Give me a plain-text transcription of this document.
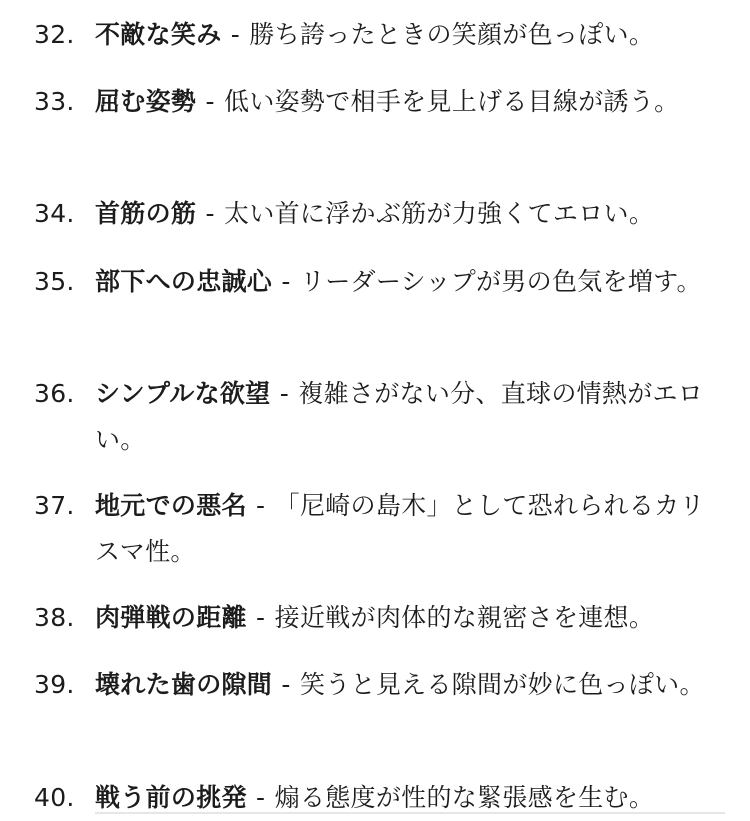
32. 不敵な笑み - 勝ち誇ったときの笑顔が色っぽい。
33. 屈む姿勢 - 低い姿勢で相手を見上げる目線が誘う。
34. 首筋の筋 - 太い首に浮かぶ筋が力強くてエロい。
35. 部下への忠誠心 - リーダーシップが男の色気を増す。
36. シンプルな欲望 - 複雑さがない分、直球の情熱がエロい。
37. 地元での悪名 - 「尼崎の島木」として恐れられるカリスマ性。
38. 肉弾戦の距離 - 接近戦が肉体的な親密さを連想。
39. 壊れた歯の隙間 - 笑うと見える隙間が妙に色っぽい。
40. 戦う前の挑発 - 煽る態度が性的な緊張感を生む。
